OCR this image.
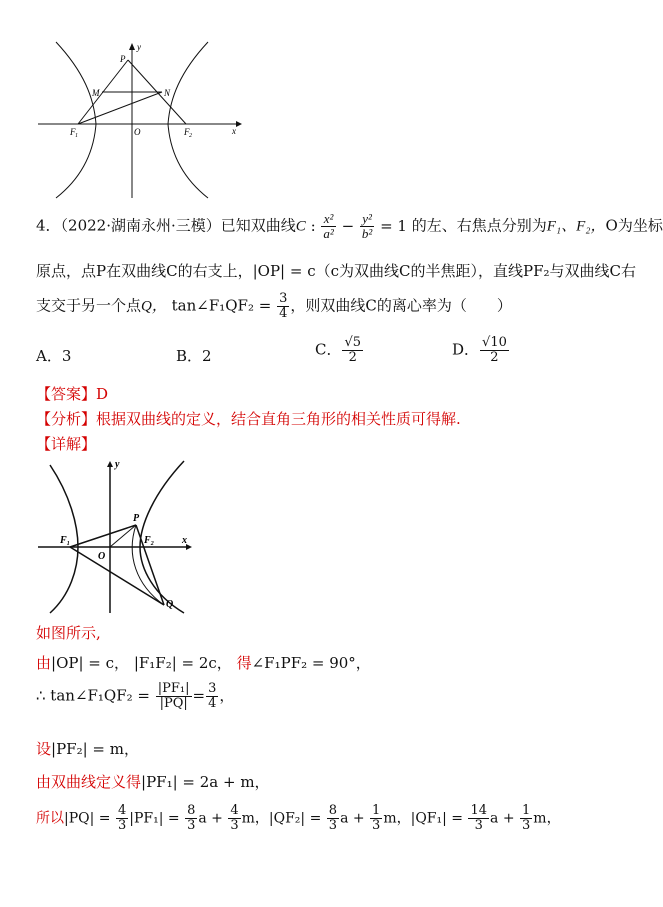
y
x
P
M	N
F 1	O	F 2
4．（2022·湖南永州·三模）已知双曲线C : $\frac{\text{x²}}{\text{a²}} - \frac{\text{y²}}{\text{b²}} = 1$ 的左、右焦点分别为F₁、F₂，O为坐标
原点，点P在双曲线C的右支上，|OP| = c（c为双曲线C的半焦距），直线PF₂与双曲线C右
支交于另一个点Q， tan∠F₁QF₂ = $\frac{3}{4}$ ，则双曲线C的离心率为（　　）
A．3	B．2	C． $\frac{√5}{2}$	D． $\frac{√10}{2}$
【答案】D
【分析】根据双曲线的定义，结合直角三角形的相关性质可得解.
【详解】
y
x
P
F₁	F₂
O
Q
如图所示,
由|OP| = c， |F₁F₂| = 2c， 得∠F₁PF₂ = 90°，
∴ tan∠F₁QF₂ = $\frac{\text{|PF₁|}}{|PQ|} = \frac{3}{4}$ ，
设|PF₂| = m，
由双曲线定义得|PF₁| = 2a + m，
所以$|PQ| = \frac{4}{3} |PF_1| = \frac{8}{3}$ $a + \frac{4}{3}$ m，$|QF_2| = \frac{8}{3}$ $a + \frac{1}{3}$ m，$|QF_1| = \frac{14}{3}$ $a + \frac{1}{3}$ m，
